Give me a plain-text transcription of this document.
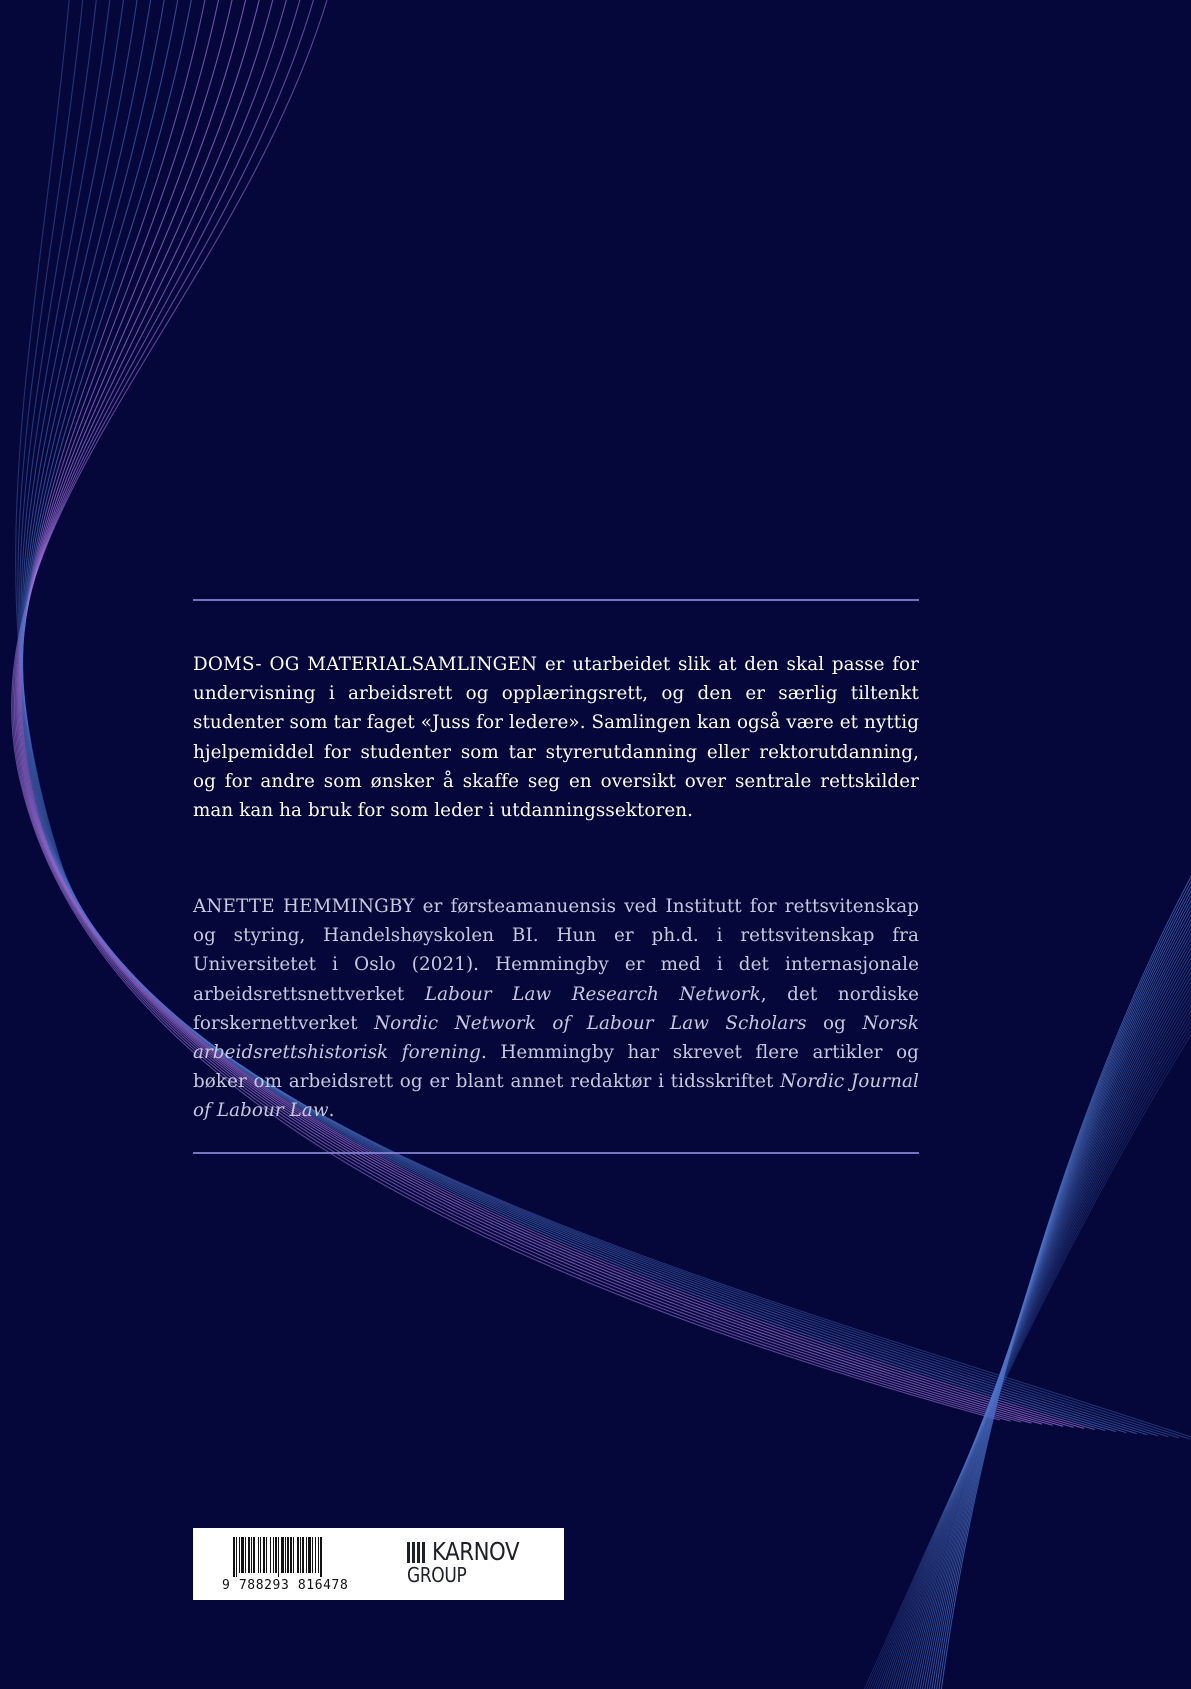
DOMS- OG MATERIALSAMLINGEN er utarbeidet slik at den skal passe for undervisning i arbeidsrett og opplæringsrett, og den er særlig tiltenkt studenter som tar faget «Juss for ledere». Samlingen kan også være et nyttig hjelpemiddel for studenter som tar styrerutdanning eller rektorutdanning, og for andre som ønsker å skaffe seg en oversikt over sentrale rettskilder man kan ha bruk for som leder i utdanningssektoren.

ANETTE HEMMINGBY er førsteamanuensis ved Institutt for rettsvitenskap og styring, Handelshøyskolen BI. Hun er ph.d. i rettsvitenskap fra Universitetet i Oslo (2021). Hemmingby er med i det internasjonale arbeidsrettsnettverket Labour Law Research Network, det nordiske forskernettverket Nordic Network of Labour Law Scholars og Norsk arbeidsrettshistorisk forening. Hemmingby har skrevet flere artikler og bøker om arbeidsrett og er blant annet redaktør i tidsskriftet Nordic Journal of Labour Law.

9 788293 816478
KARNOV
GROUP
